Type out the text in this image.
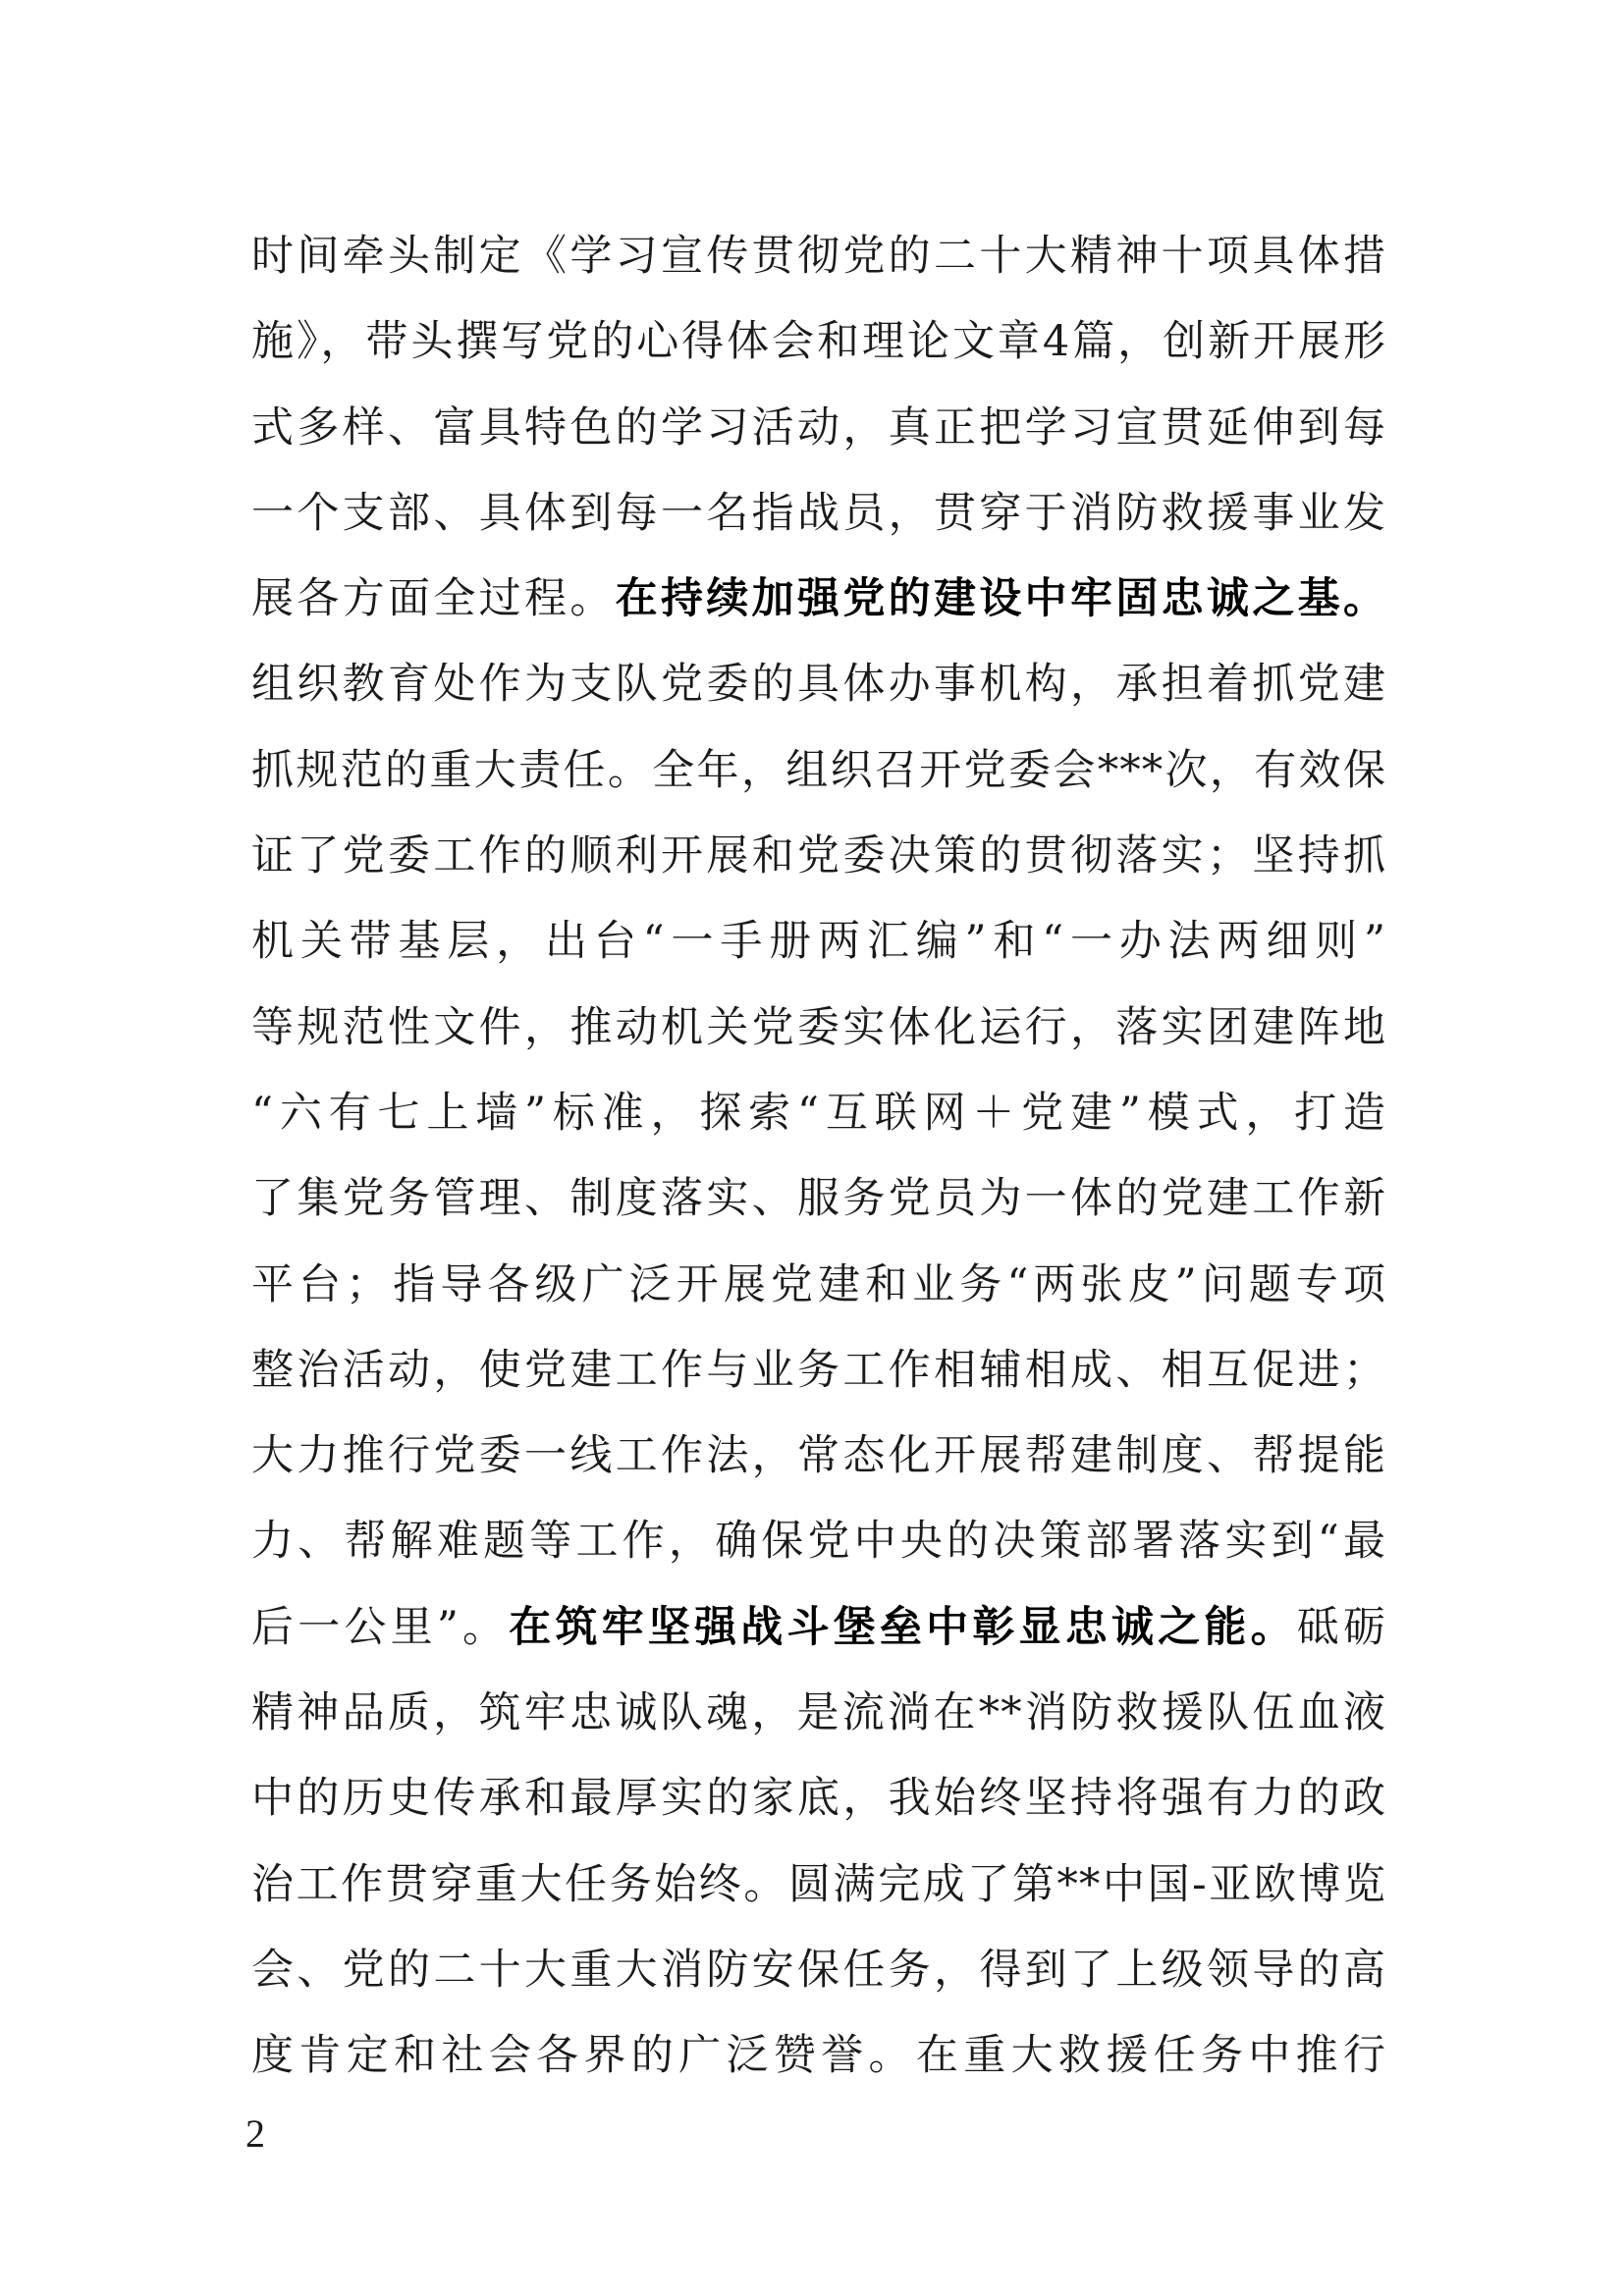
时间牵头制定《学习宣传贯彻党的二十大精神十项具体措
施》，带头撰写党的心得体会和理论文章4篇，创新开展形
式多样、富具特色的学习活动，真正把学习宣贯延伸到每
一个支部、具体到每一名指战员，贯穿于消防救援事业发
展各方面全过程。在持续加强党的建设中牢固忠诚之基。
组织教育处作为支队党委的具体办事机构，承担着抓党建
抓规范的重大责任。全年，组织召开党委会***次，有效保
证了党委工作的顺利开展和党委决策的贯彻落实；坚持抓
机关带基层，出台“一手册两汇编”和“一办法两细则”
等规范性文件，推动机关党委实体化运行，落实团建阵地
“六有七上墙”标准，探索“互联网＋党建”模式，打造
了集党务管理、制度落实、服务党员为一体的党建工作新
平台；指导各级广泛开展党建和业务“两张皮”问题专项
整治活动，使党建工作与业务工作相辅相成、相互促进；
大力推行党委一线工作法，常态化开展帮建制度、帮提能
力、帮解难题等工作，确保党中央的决策部署落实到“最
后一公里”。在筑牢坚强战斗堡垒中彰显忠诚之能。砥砺
精神品质，筑牢忠诚队魂，是流淌在**消防救援队伍血液
中的历史传承和最厚实的家底，我始终坚持将强有力的政
治工作贯穿重大任务始终。圆满完成了第**中国-亚欧博览
会、党的二十大重大消防安保任务，得到了上级领导的高
度肯定和社会各界的广泛赞誉。在重大救援任务中推行
2
